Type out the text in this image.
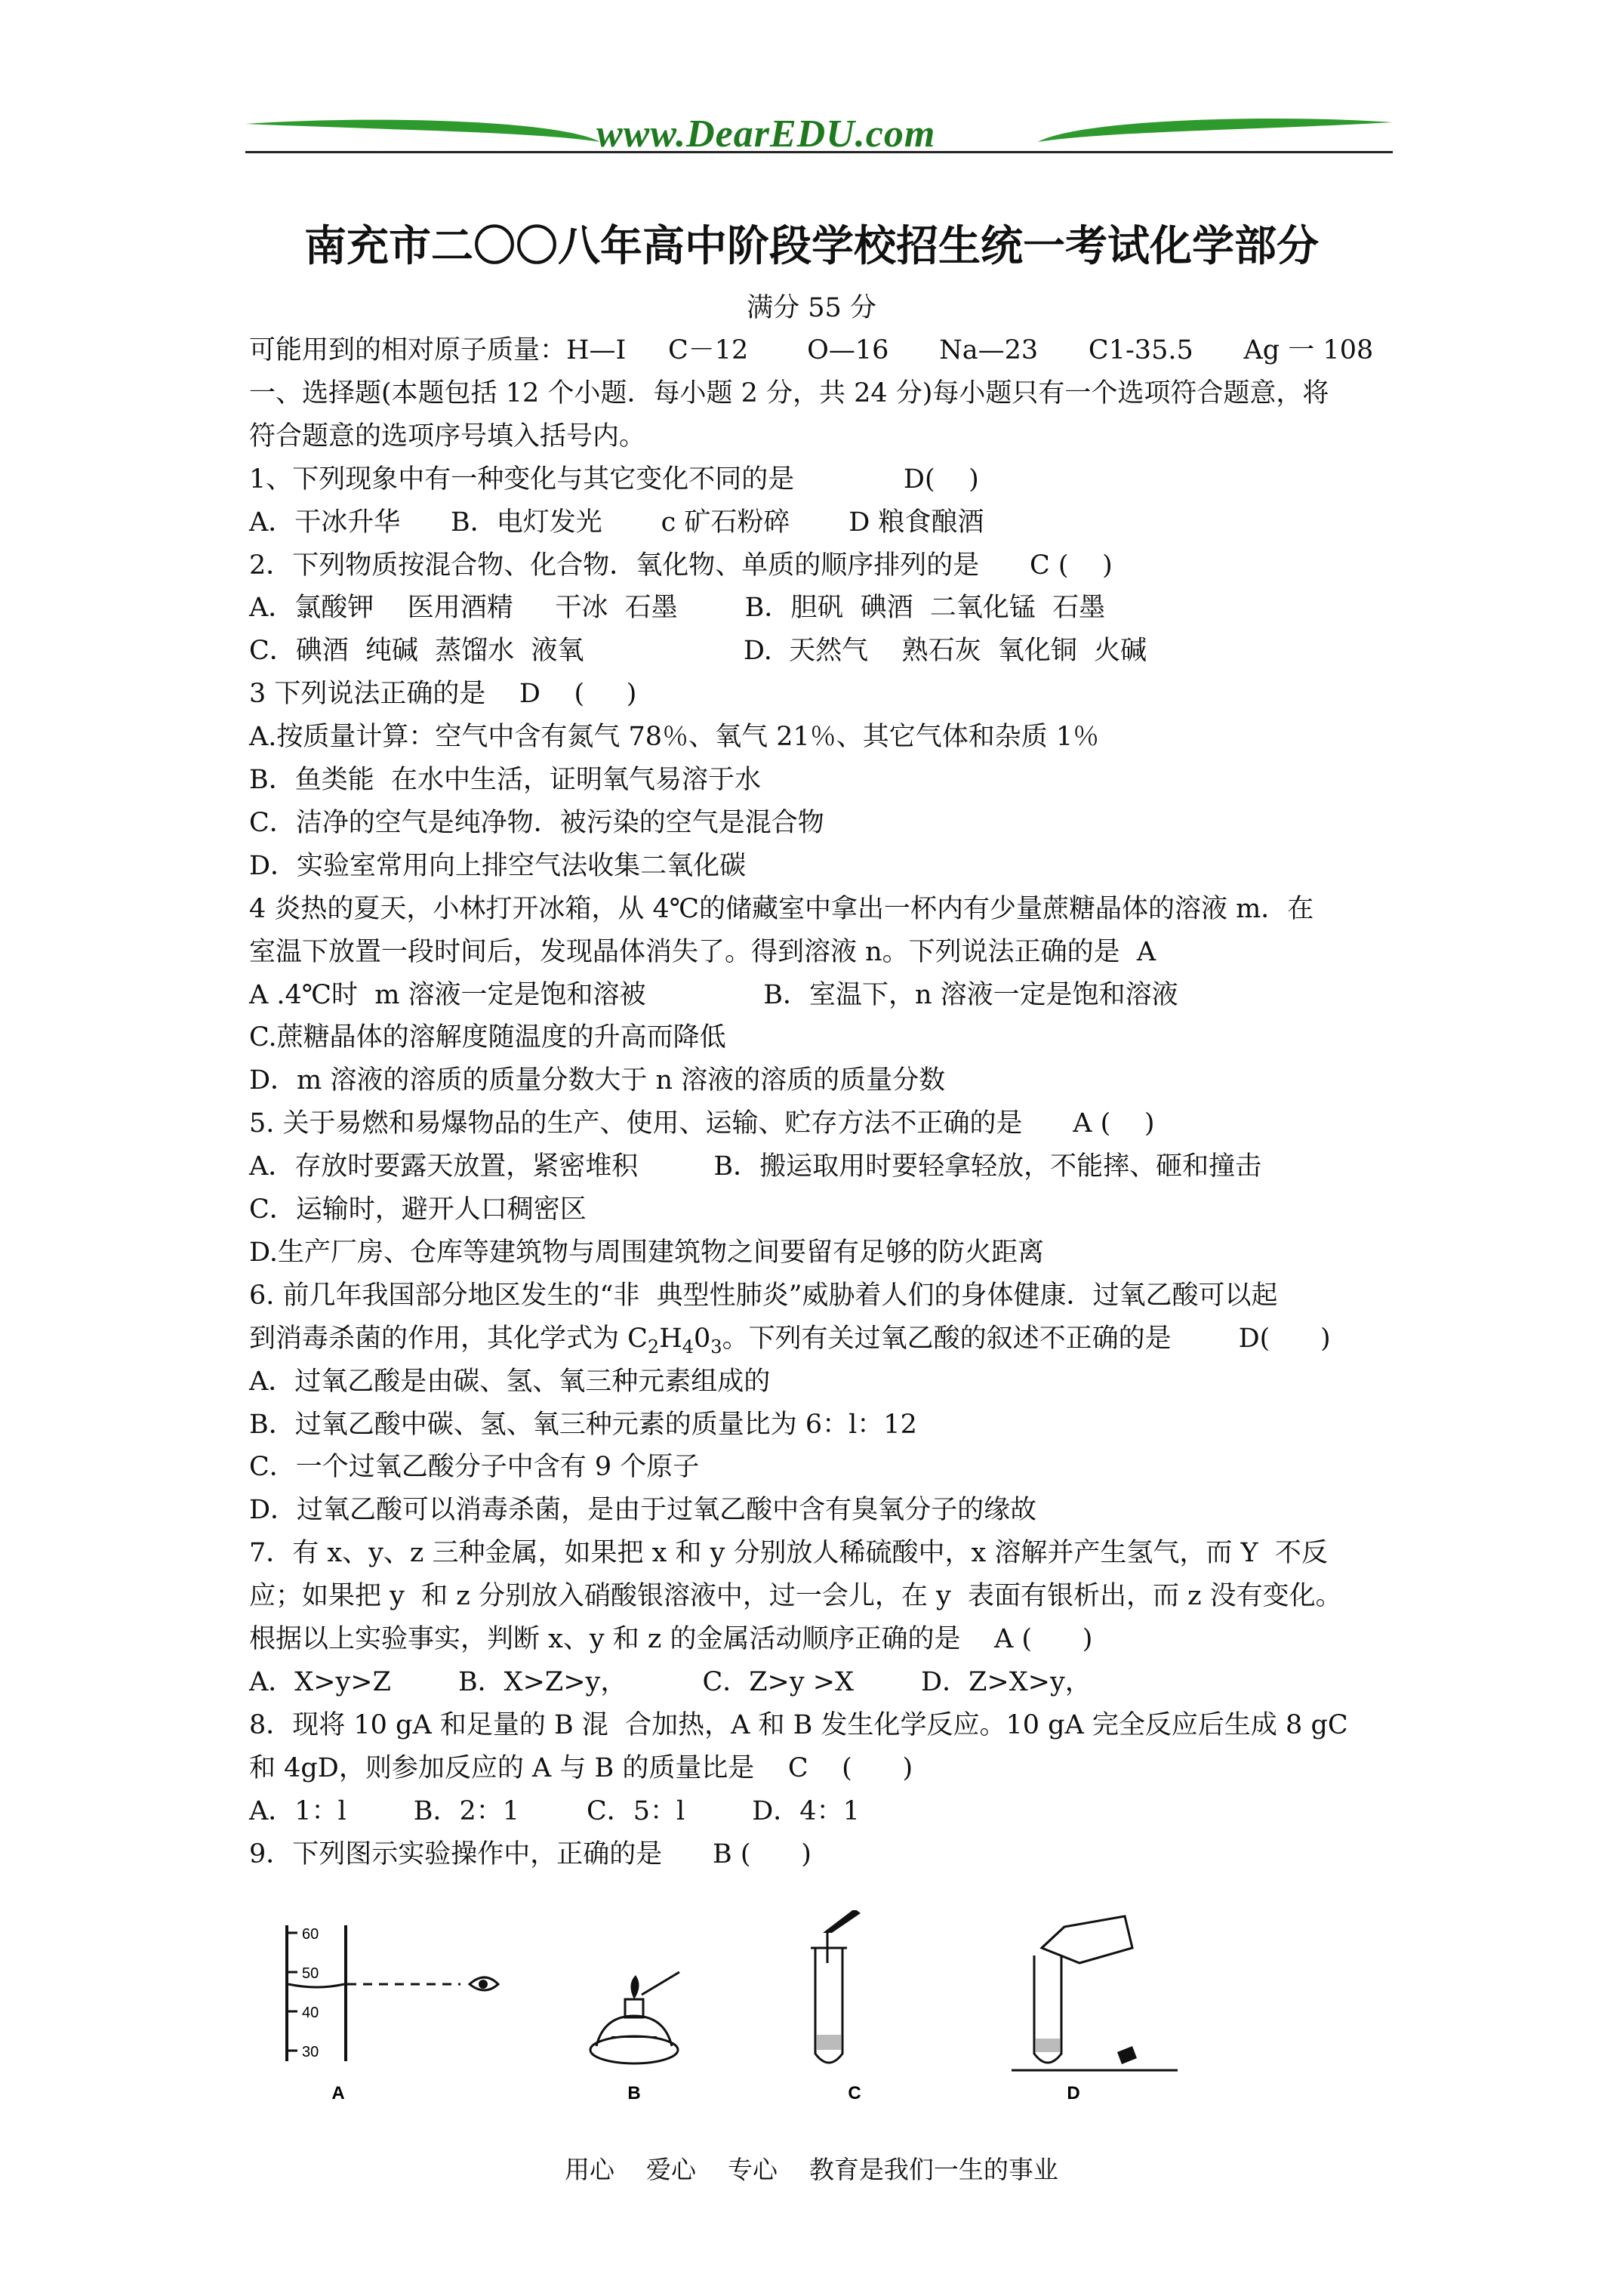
www.DearEDU.com
南充市二〇〇八年高中阶段学校招生统一考试化学部分
满分 55 分
可能用到的相对原子质量：H—I     C－12       O—16      Na—23      C1-35.5      Ag 一 108
一、选择题(本题包括 12 个小题．每小题 2 分，共 24 分)每小题只有一个选项符合题意，将
符合题意的选项序号填入括号内。
1、下列现象中有一种变化与其它变化不同的是             D(    )
A．干冰升华      B．电灯发光       c 矿石粉碎       D 粮食酿酒
2．下列物质按混合物、化合物．氧化物、单质的顺序排列的是      C (    )
A．氯酸钾    医用酒精     干冰  石墨        B．胆矾  碘酒  二氧化锰  石墨
C．碘酒  纯碱  蒸馏水  液氧                   D.  天然气    熟石灰  氧化铜  火碱
3 下列说法正确的是    D    (     )
A.按质量计算：空气中含有氮气 78％、氧气 21％、其它气体和杂质 1％
B．鱼类能  在水中生活，证明氧气易溶于水
C．洁净的空气是纯净物．被污染的空气是混合物
D．实验室常用向上排空气法收集二氧化碳
4 炎热的夏天，小林打开冰箱，从 4℃的储藏室中拿出一杯内有少量蔗糖晶体的溶液 m．在
室温下放置一段时间后，发现晶体消失了。得到溶液 n。下列说法正确的是  A
A .4℃时  m 溶液一定是饱和溶被              B．室温下，n 溶液一定是饱和溶液
C.蔗糖晶体的溶解度随温度的升高而降低
D．m 溶液的溶质的质量分数大于 n 溶液的溶质的质量分数
5. 关于易燃和易爆物品的生产、使用、运输、贮存方法不正确的是      A (    )
A．存放时要露天放置，紧密堆积         B．搬运取用时要轻拿轻放，不能摔、砸和撞击
C．运输时，避开人口稠密区
D.生产厂房、仓库等建筑物与周围建筑物之间要留有足够的防火距离
6. 前几年我国部分地区发生的“非  典型性肺炎”威胁着人们的身体健康．过氧乙酸可以起
到消毒杀菌的作用，其化学式为 $C_2H_40_3$。下列有关过氧乙酸的叙述不正确的是        D(      )
A．过氧乙酸是由碳、氢、氧三种元素组成的
B．过氧乙酸中碳、氢、氧三种元素的质量比为 6：l：12
C．一个过氧乙酸分子中含有 9 个原子
D．过氧乙酸可以消毒杀菌，是由于过氧乙酸中含有臭氧分子的缘故
7．有 x、y、z 三种金属，如果把 x 和 y 分别放人稀硫酸中，x 溶解并产生氢气，而 Y  不反
应；如果把 y  和 z 分别放入硝酸银溶液中，过一会儿，在 y  表面有银析出，而 z 没有变化。
根据以上实验事实，判断 x、y 和 z 的金属活动顺序正确的是    A (      )
A．X>y>Z        B．X>Z>y，         C．Z>y >X        D．Z>X>y，
8．现将 10 gA 和足量的 B 混  合加热，A 和 B 发生化学反应。10 gA 完全反应后生成 8 gC
和 4gD，则参加反应的 A 与 B 的质量比是    C    (      )
A．1：l        B．2：1        C．5：l        D．4：1
9．下列图示实验操作中，正确的是      B (      )
60
50
40
30
A	B	C	D
用心    爱心    专心    教育是我们一生的事业
